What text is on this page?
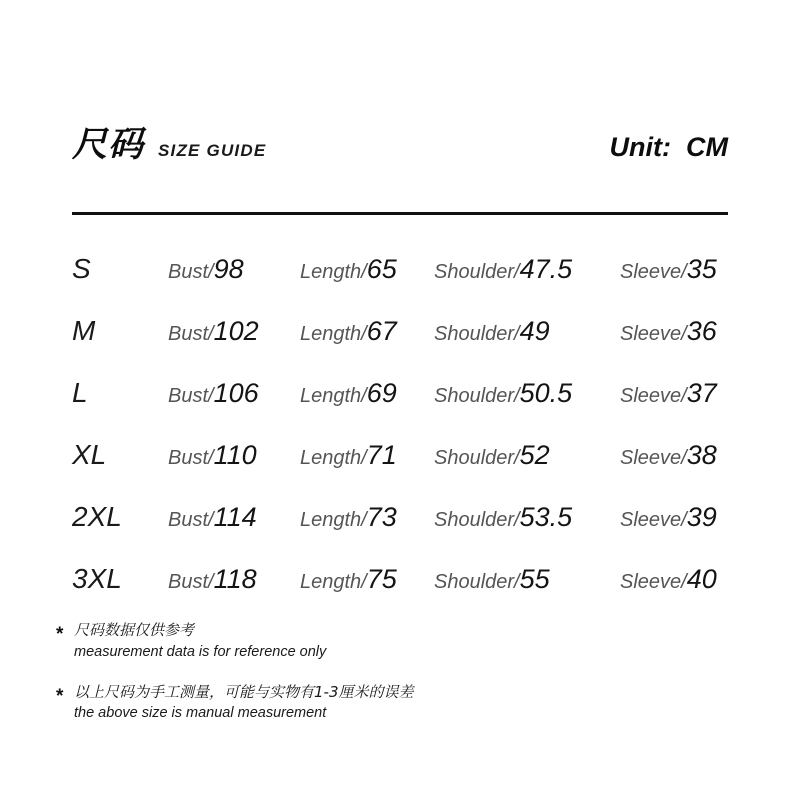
尺码 SIZE GUIDE	Unit:  CM
S	Bust/98	Length/65	Shoulder/47.5	Sleeve/35
M	Bust/102	Length/67	Shoulder/49	Sleeve/36
L	Bust/106	Length/69	Shoulder/50.5	Sleeve/37
XL	Bust/110	Length/71	Shoulder/52	Sleeve/38
2XL	Bust/114	Length/73	Shoulder/53.5	Sleeve/39
3XL	Bust/118	Length/75	Shoulder/55	Sleeve/40
* 尺码数据仅供参考
measurement data is for reference only
* 以上尺码为手工测量，可能与实物有1-3厘米的误差
the above size is manual measurement
